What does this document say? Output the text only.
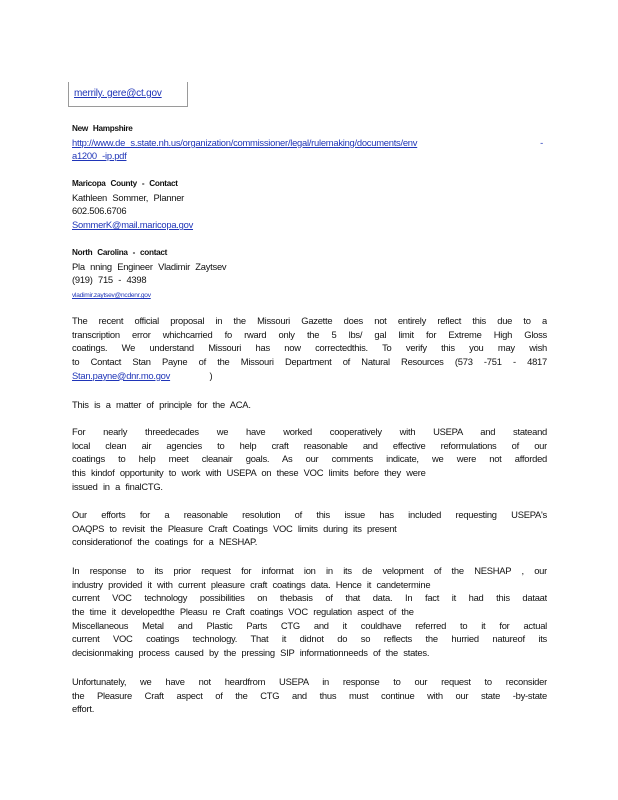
merrily. gere@ct.gov
New Hampshire
http://www.de s.state.nh.us/organization/commissioner/legal/rulemaking/documents/env	-
a1200 -ip.pdf
Maricopa County - Contact
Kathleen Sommer, Planner
602.506.6706
SommerK@mail.maricopa.gov
North Carolina - contact
Pla nning Engineer Vladimir Zaytsev
(919) 715 - 4398
vladimir.zaytsev@ncdenr.gov
The recent official proposal in the Missouri Gazette does not entirely reflect this due to a
transcription error whichcarried fo rward only the 5 lbs/ gal limit for Extreme High Gloss
coatings. We understand Missouri has now correctedthis. To verify this you may wish
to Contact Stan Payne of the Missouri Department of Natural Resources (573 -751 - 4817
Stan.payne@dnr.mo.gov	)
This is a matter of principle for the ACA.
For nearly threedecades we have worked cooperatively with USEPA and stateand
local clean air agencies to help craft reasonable and effective reformulations of our
coatings to help meet cleanair goals. As our comments indicate, we were not afforded
this kindof opportunity to work with USEPA on these VOC limits before they were
issued in a finalCTG.
Our efforts for a reasonable resolution of this issue has included requesting USEPA's
OAQPS to revisit the Pleasure Craft Coatings VOC limits during its present
considerationof the coatings for a NESHAP.
In response to its prior request for informat ion in its de velopment of the NESHAP , our
industry provided it with current pleasure craft coatings data. Hence it candetermine
current VOC technology possibilities on thebasis of that data. In fact it had this dataat
the time it developedthe Pleasu re Craft coatings VOC regulation aspect of the
Miscellaneous Metal and Plastic Parts CTG and it couldhave referred to it for actual
current VOC coatings technology. That it didnot do so reflects the hurried natureof its
decisionmaking process caused by the pressing SIP informationneeds of the states.
Unfortunately, we have not heardfrom USEPA in response to our request to reconsider
the Pleasure Craft aspect of the CTG and thus must continue with our state -by-state
effort.
